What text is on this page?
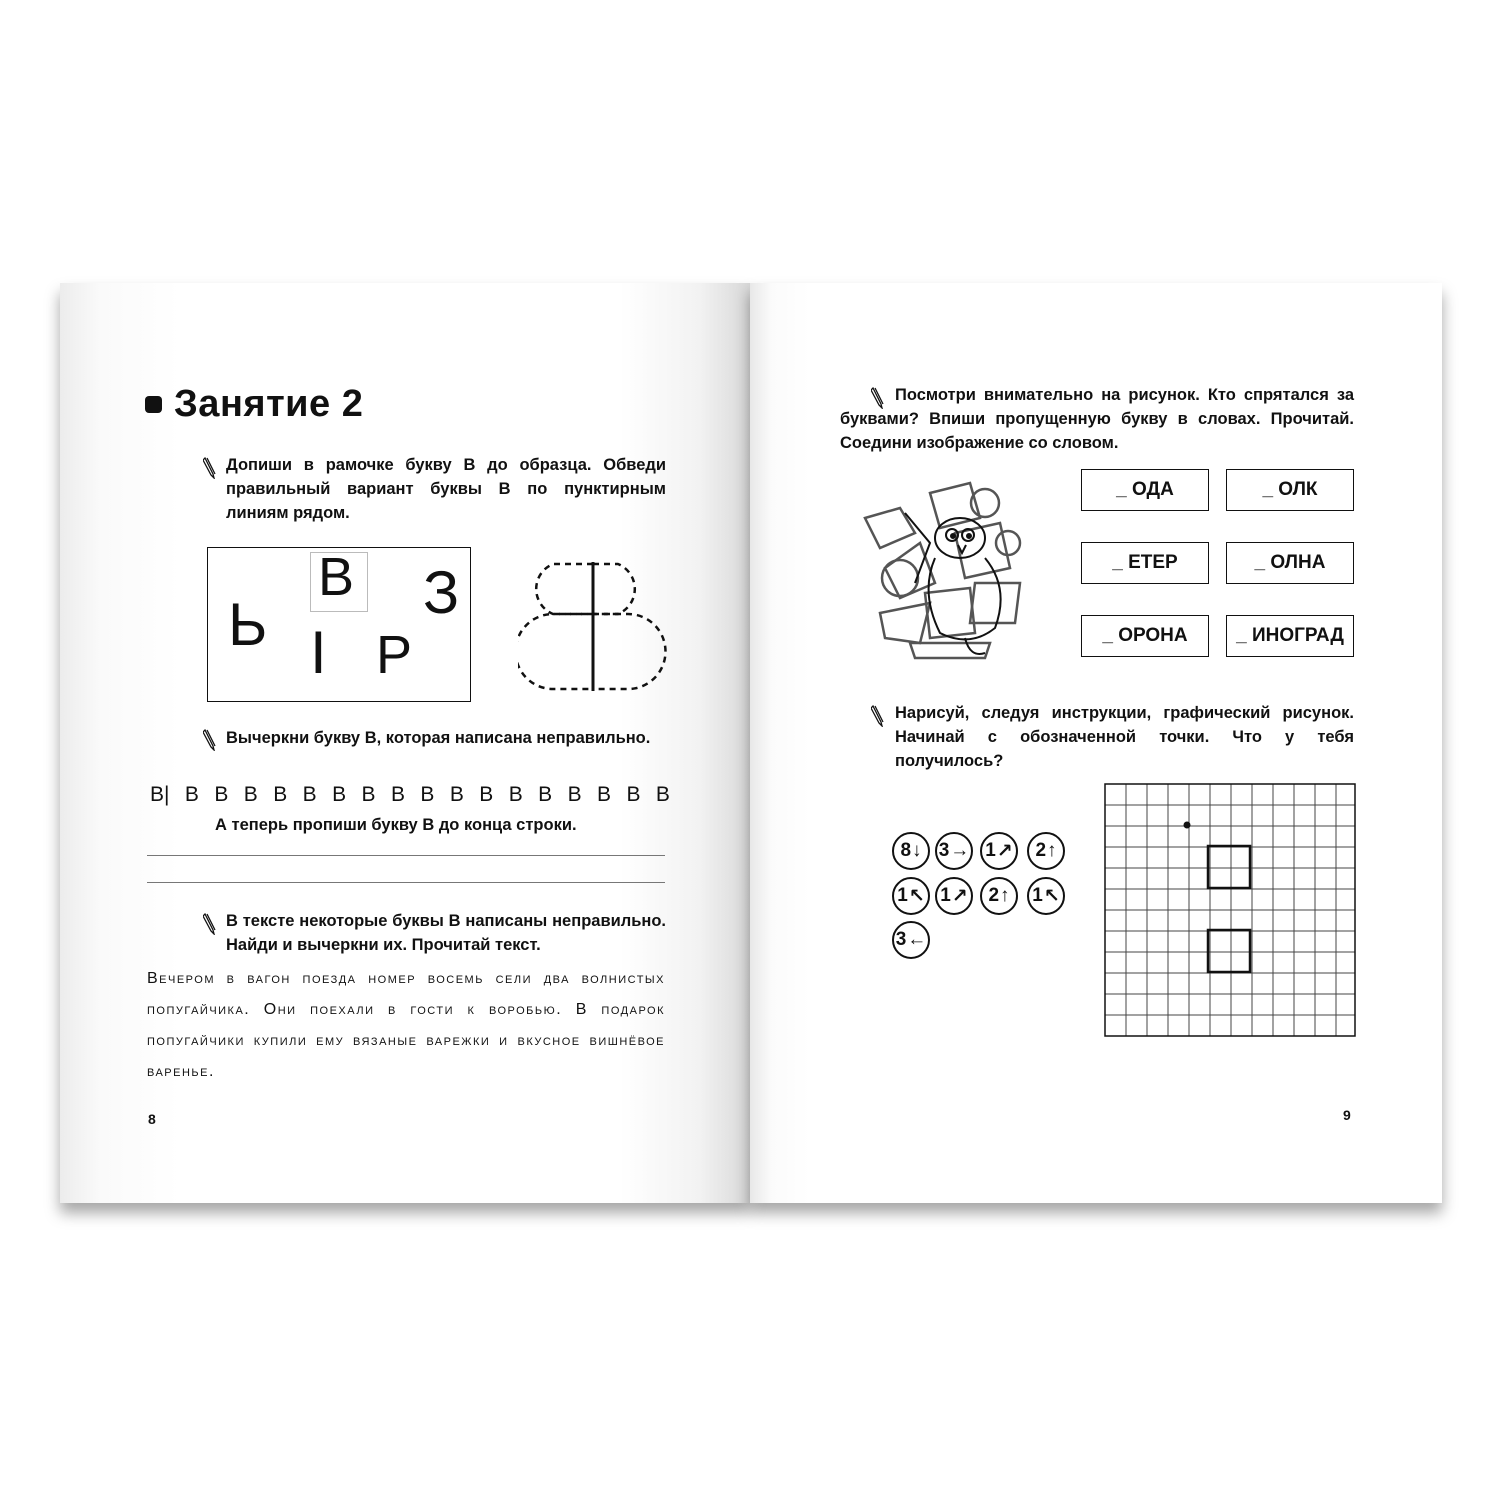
Занятие 2
Допиши в рамочке букву В до образца. Обведи правильный вариант буквы В по пунктирным линиям рядом.
В
Ь І Р
З
Вычеркни букву В, которая написана неправильно.
В| В В В В В В В В В В В В В В В В В
А теперь пропиши букву В до конца строки.
В тексте некоторые буквы В написаны неправильно. Найди и вычеркни их. Прочитай текст.
Вечером в вагон поезда номер восемь сели два волнистых попугайчика. Они поехали в гости к воробью. В подарок попугайчики купили ему вязаные варежки и вкусное вишнёвое варенье.
8
Посмотри внимательно на рисунок. Кто спрятался за буквами? Впиши пропущенную букву в словах. Прочитай. Соедини изображение со словом.
_ ОДА	_ ОЛК
_ ЕТЕР	_ ОЛНА
_ ОРОНА	_ ИНОГРАД
Нарисуй, следуя инструкции, графический рисунок. Начинай с обозначенной точки. Что у тебя получилось?
8 ↓ 3 → 1 ↗ 2 ↑
1 ↖ 1 ↗ 2 ↑ 1 ↖
3 ←
9
